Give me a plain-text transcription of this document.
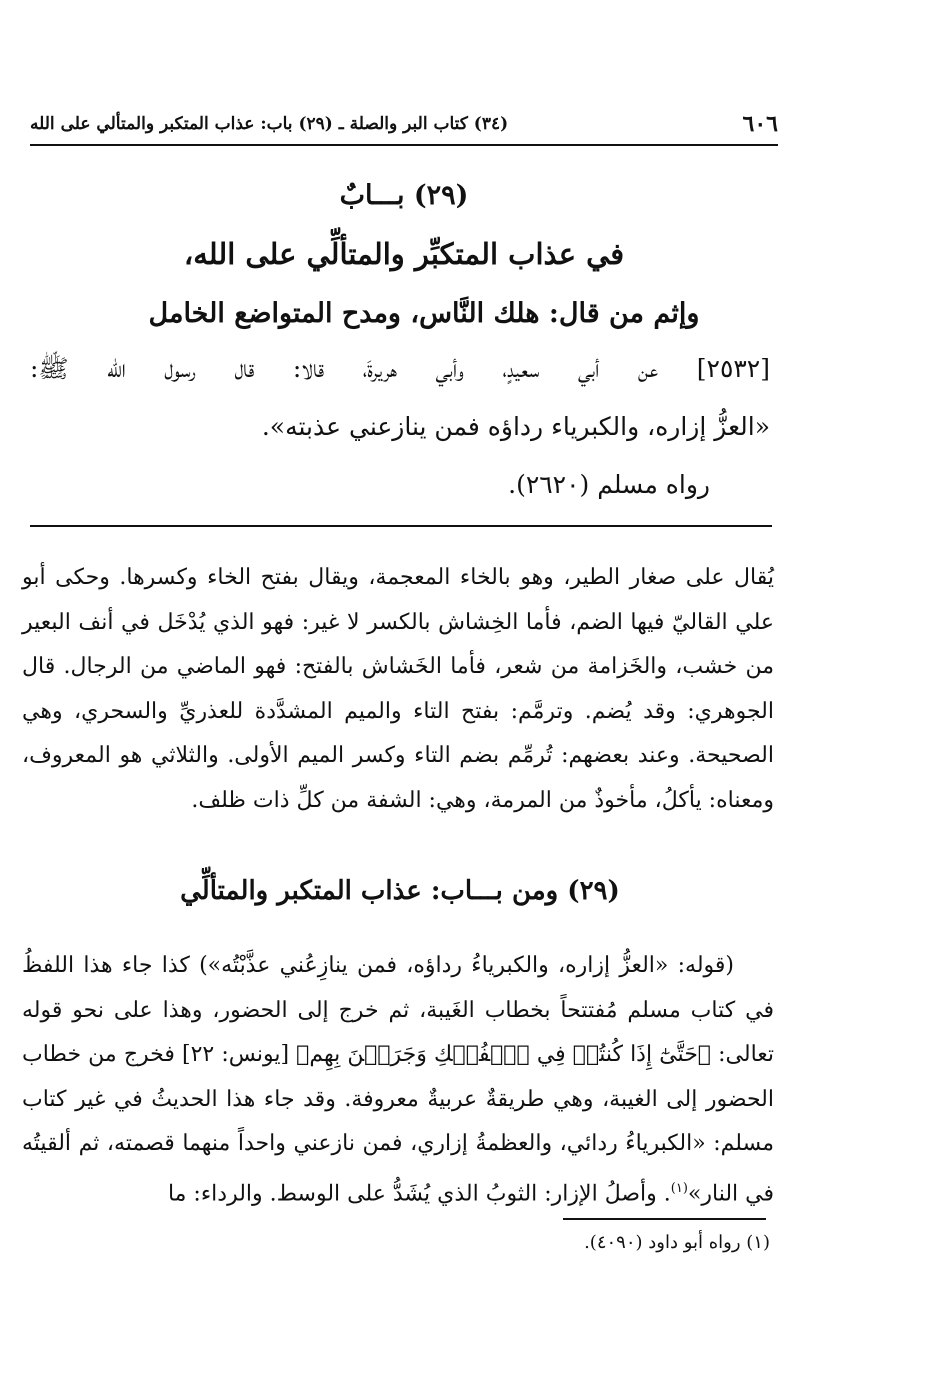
٦٠٦
(٣٤) كتاب البر والصلة ـ (٢٩) باب: عذاب المتكبر والمتألي على الله
(٢٩) بـــابٌ
في عذاب المتكبِّر والمتألِّي على الله،
وإثم من قال: هلك النَّاس، ومدح المتواضع الخامل

[٢٥٣٢] عن أبي سعيدٍ، وأبي هريرةَ، قالا: قال رسول الله ﷺ:

«العزُّ إزاره، والكبرياء رداؤه فمن ينازعني عذبته».

رواه مسلم (٢٦٢٠).

يُقال على صغار الطير، وهو بالخاء المعجمة، ويقال بفتح الخاء وكسرها. وحكى أبو علي القاليّ فيها الضم، فأما الخِشاش بالكسر لا غير: فهو الذي يُدْخَل في أنف البعير من خشب، والخَزامة من شعر، فأما الخَشاش بالفتح: فهو الماضي من الرجال. قال الجوهري: وقد يُضم. وترمَّم: بفتح التاء والميم المشدَّدة للعذريِّ والسحري، وهي الصحيحة. وعند بعضهم: تُرمِّم بضم التاء وكسر الميم الأولى. والثلاثي هو المعروف، ومعناه: يأكلُ، مأخوذٌ من المرمة، وهي: الشفة من كلِّ ذات ظلف.

(٢٩) ومن بـــاب: عذاب المتكبر والمتألِّي

(قوله: «العزُّ إزاره، والكبرياءُ رداؤه، فمن ينازِعُني عذَّبْتُه») كذا جاء هذا اللفظُ في كتاب مسلم مُفتتحاً بخطاب الغَيبة، ثم خرج إلى الحضور، وهذا على نحو قوله تعالى: ﴿حَتَّىٰٓ إِذَا كُنتُمۡ فِي ٱلۡفُلۡكِ وَجَرَيۡنَ بِهِم﴾ [يونس: ٢٢] فخرج من خطاب الحضور إلى الغيبة، وهي طريقةٌ عربيةٌ معروفة. وقد جاء هذا الحديثُ في غير كتاب مسلم: «الكبرياءُ ردائي، والعظمةُ إزاري، فمن نازعني واحداً منهما قصمته، ثم ألقيتُه في النار»$^{(١)}$. وأصلُ الإزار: الثوبُ الذي يُشَدُّ على الوسط. والرداء: ما

(١) رواه أبو داود (٤٠٩٠).
